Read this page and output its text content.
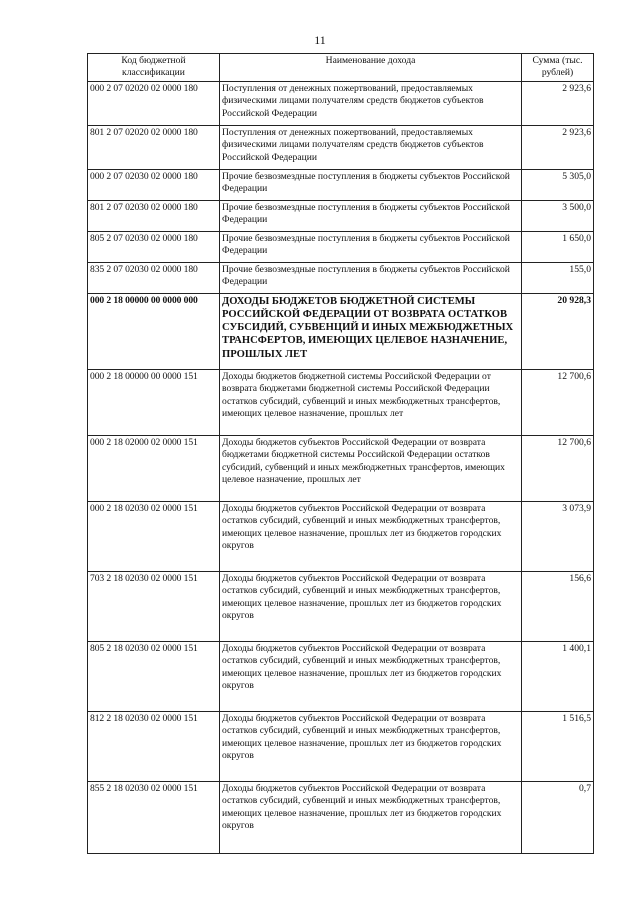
11
Код бюджетной классификации	Наименование дохода	Сумма (тыс. рублей)
000 2 07 02020 02 0000 180	Поступления от денежных пожертвований, предоставляемых физическими лицами получателям средств бюджетов субъектов Российской Федерации	2 923,6
801 2 07 02020 02 0000 180	Поступления от денежных пожертвований, предоставляемых физическими лицами получателям средств бюджетов субъектов Российской Федерации	2 923,6
000 2 07 02030 02 0000 180	Прочие безвозмездные поступления в бюджеты субъектов Российской Федерации	5 305,0
801 2 07 02030 02 0000 180	Прочие безвозмездные поступления в бюджеты субъектов Российской Федерации	3 500,0
805 2 07 02030 02 0000 180	Прочие безвозмездные поступления в бюджеты субъектов Российской Федерации	1 650,0
835 2 07 02030 02 0000 180	Прочие безвозмездные поступления в бюджеты субъектов Российской Федерации	155,0
000 2 18 00000 00 0000 000	ДОХОДЫ БЮДЖЕТОВ БЮДЖЕТНОЙ СИСТЕМЫ РОССИЙСКОЙ ФЕДЕРАЦИИ ОТ ВОЗВРАТА ОСТАТКОВ СУБСИДИЙ, СУБВЕНЦИЙ И ИНЫХ МЕЖБЮДЖЕТНЫХ ТРАНСФЕРТОВ, ИМЕЮЩИХ ЦЕЛЕВОЕ НАЗНАЧЕНИЕ, ПРОШЛЫХ ЛЕТ	20 928,3
000 2 18 00000 00 0000 151	Доходы бюджетов бюджетной системы Российской Федерации от возврата бюджетами бюджетной системы Российской Федерации остатков субсидий, субвенций и иных межбюджетных трансфертов, имеющих целевое назначение, прошлых лет	12 700,6
000 2 18 02000 02 0000 151	Доходы бюджетов субъектов Российской Федерации от возврата бюджетами бюджетной системы Российской Федерации остатков субсидий, субвенций и иных межбюджетных трансфертов, имеющих целевое назначение, прошлых лет	12 700,6
000 2 18 02030 02 0000 151	Доходы бюджетов субъектов Российской Федерации от возврата остатков субсидий, субвенций и иных межбюджетных трансфертов, имеющих целевое назначение, прошлых лет из бюджетов городских округов	3 073,9
703 2 18 02030 02 0000 151	Доходы бюджетов субъектов Российской Федерации от возврата остатков субсидий, субвенций и иных межбюджетных трансфертов, имеющих целевое назначение, прошлых лет из бюджетов городских округов	156,6
805 2 18 02030 02 0000 151	Доходы бюджетов субъектов Российской Федерации от возврата остатков субсидий, субвенций и иных межбюджетных трансфертов, имеющих целевое назначение, прошлых лет из бюджетов городских округов	1 400,1
812 2 18 02030 02 0000 151	Доходы бюджетов субъектов Российской Федерации от возврата остатков субсидий, субвенций и иных межбюджетных трансфертов, имеющих целевое назначение, прошлых лет из бюджетов городских округов	1 516,5
855 2 18 02030 02 0000 151	Доходы бюджетов субъектов Российской Федерации от возврата остатков субсидий, субвенций и иных межбюджетных трансфертов, имеющих целевое назначение, прошлых лет из бюджетов городских округов	0,7
